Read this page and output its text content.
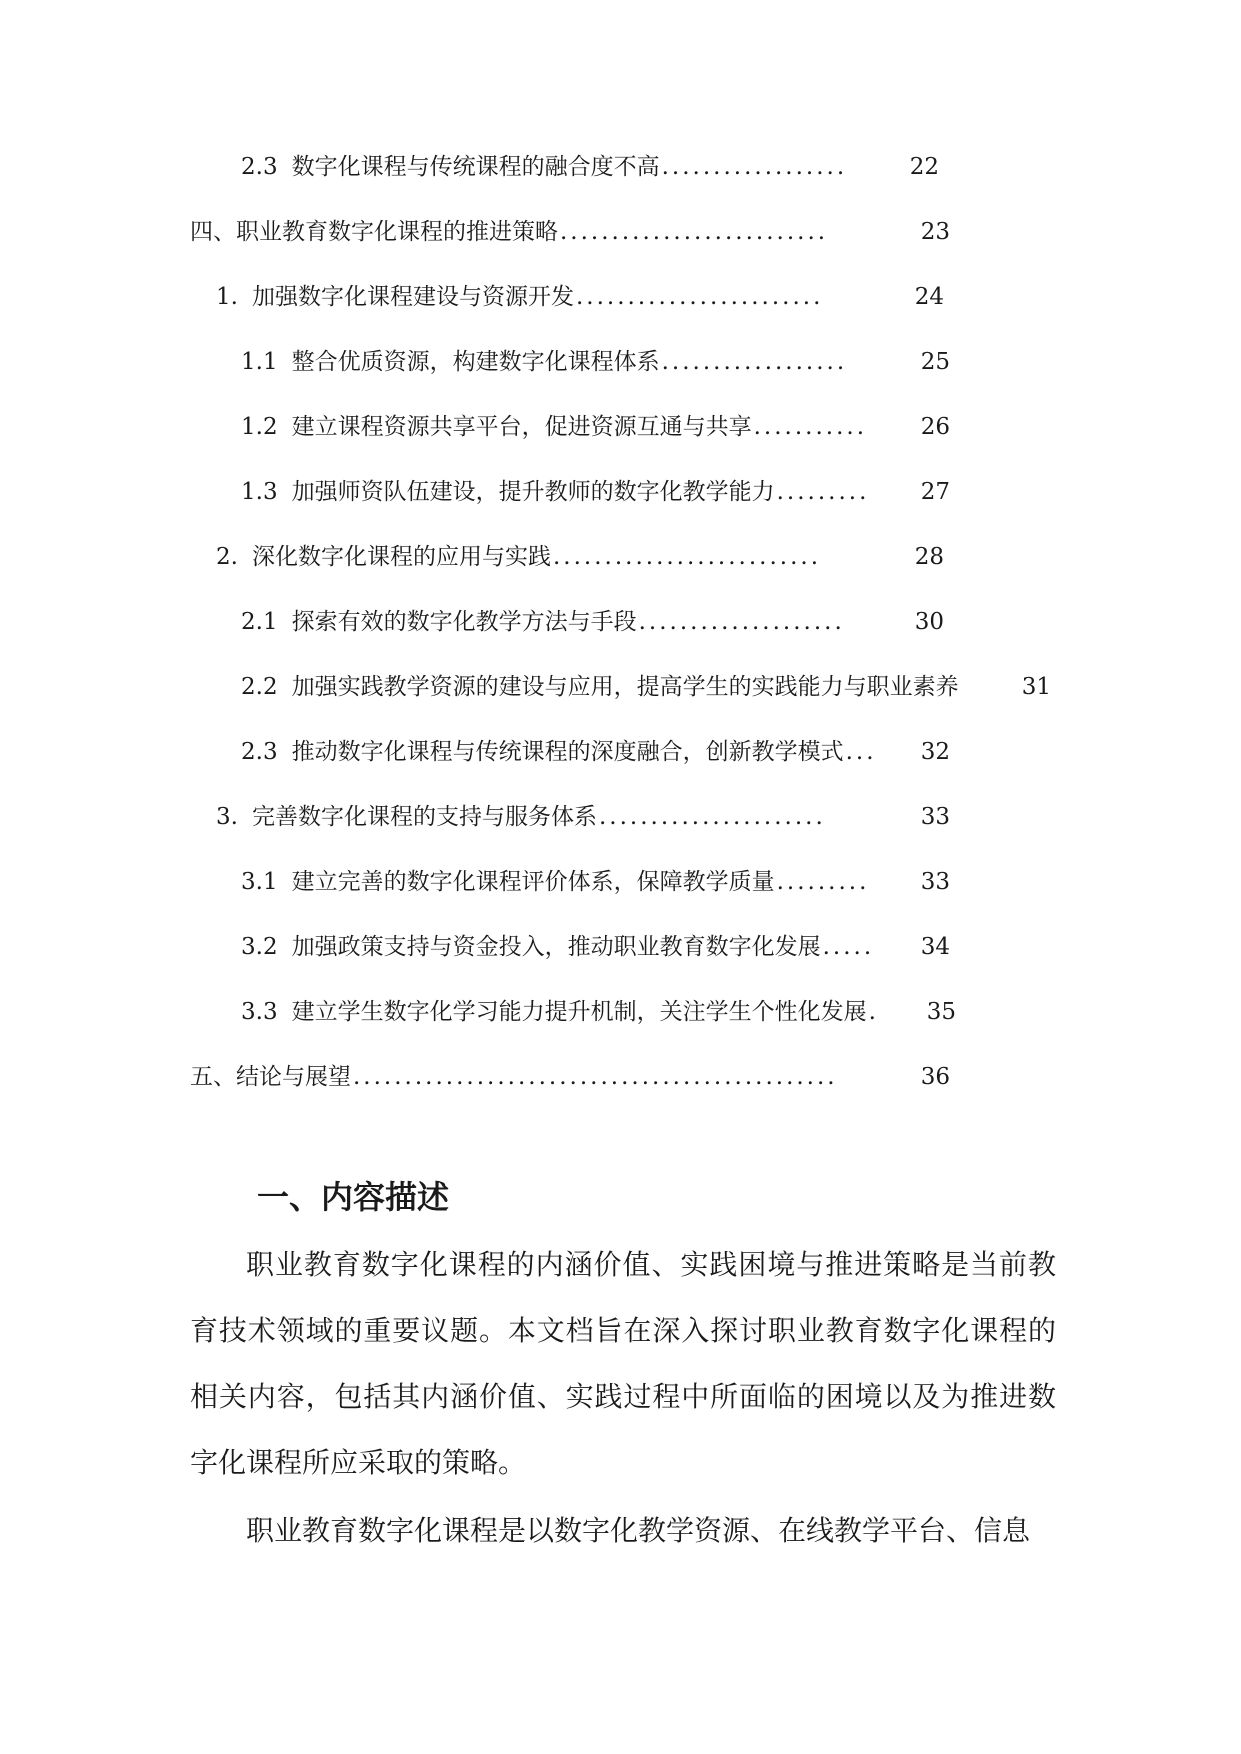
2.3 数字化课程与传统课程的融合度不高 ..................	22
四、职业教育数字化课程的推进策略 ..........................	23
1. 加强数字化课程建设与资源开发 ........................	24
1.1 整合优质资源，构建数字化课程体系 ..................	25
1.2 建立课程资源共享平台，促进资源互通与共享 ...........	26
1.3 加强师资队伍建设，提升教师的数字化教学能力 .........	27
2. 深化数字化课程的应用与实践 ..........................	28
2.1 探索有效的数字化教学方法与手段 ....................	30
2.2 加强实践教学资源的建设与应用，提高学生的实践能力与职业素养	31
2.3 推动数字化课程与传统课程的深度融合，创新教学模式 ...	32
3. 完善数字化课程的支持与服务体系 ......................	33
3.1 建立完善的数字化课程评价体系，保障教学质量 .........	33
3.2 加强政策支持与资金投入，推动职业教育数字化发展 .....	34
3.3 建立学生数字化学习能力提升机制，关注学生个性化发展 .	35
五、结论与展望 ...............................................	36
一、内容描述

职业教育数字化课程的内涵价值、实践困境与推进策略是当前教育技术领域的重要议题。本文档旨在深入探讨职业教育数字化课程的相关内容，包括其内涵价值、实践过程中所面临的困境以及为推进数字化课程所应采取的策略。

职业教育数字化课程是以数字化教学资源、在线教学平台、信息
